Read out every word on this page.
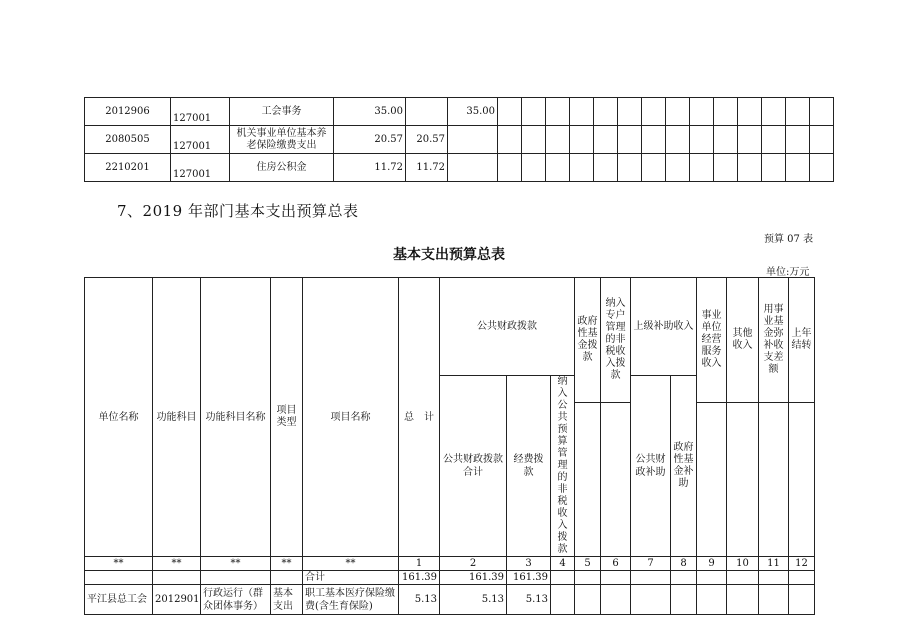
2012906	127001	工会事务	35.00		35.00														
2080505	127001	机关事业单位基本养老保险缴费支出	20.57	20.57															
2210201	127001	住房公积金	11.72	11.72															
7、2019 年部门基本支出预算总表
预算 07 表
基本支出预算总表
单位:万元
单位名称	功能科目	功能科目名称	项目类型	项目名称	总　计	公共财政拨款			政府性基金拨款	纳入专户管理的非税收入拨款	上级补助收入		事业单位经营服务收入	其他收入	用事业基金弥补收支差额	上年结转
						公共财政拨款合计	经费拨款	纳入公共预算管理的非税收入拨款			公共财政补助	政府性基金补助				

**	**	**	**	**	1	2	3	4	5	6	7	8	9	10	11	12
				合计	161.39	161.39	161.39									
平江县总工会	2012901	行政运行（群众团体事务）	基本支出	职工基本医疗保险缴费(含生育保险)	5.13	5.13	5.13									
